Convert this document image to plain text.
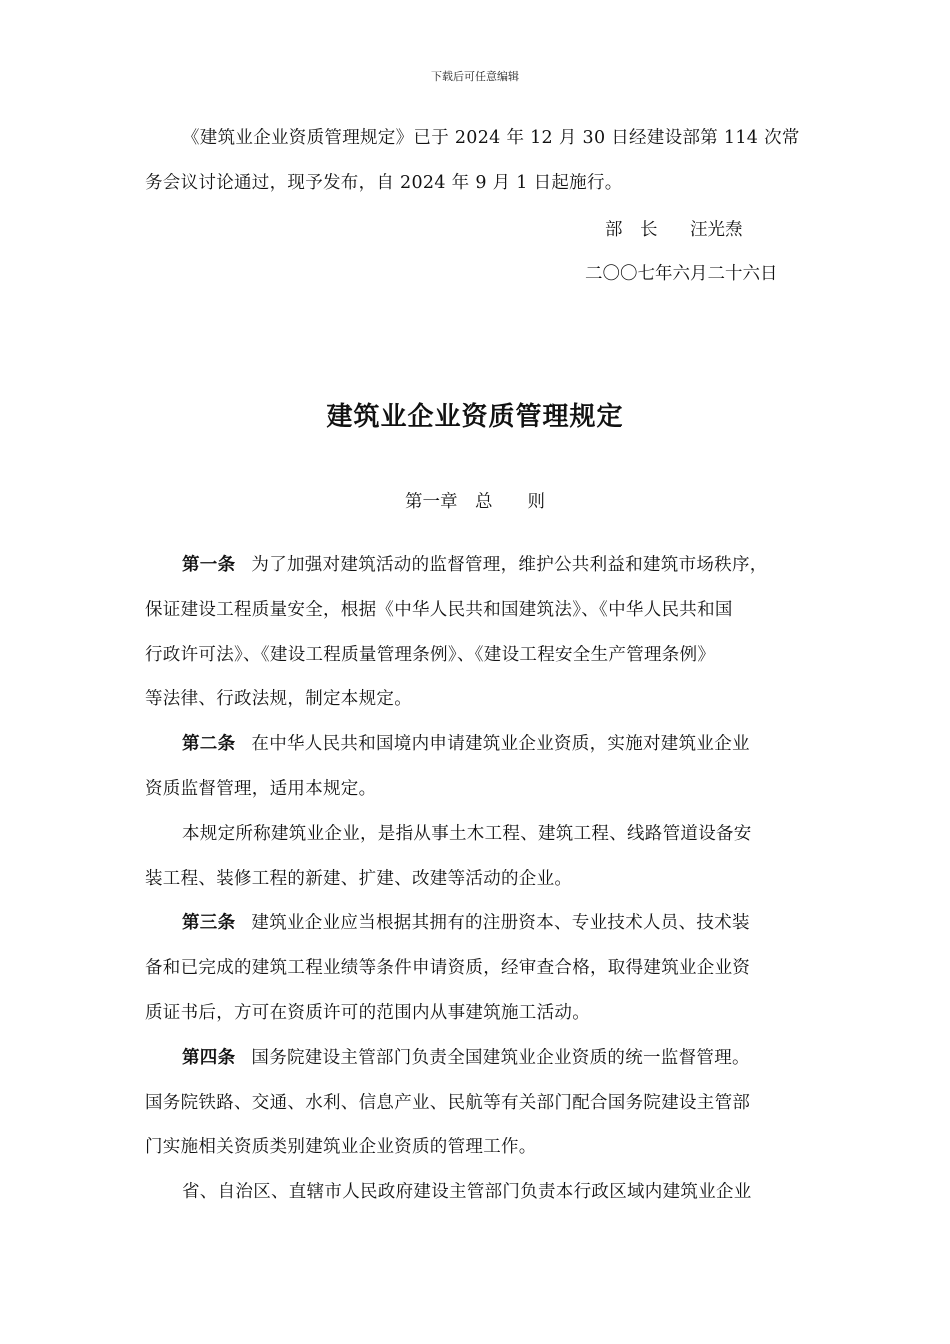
下载后可任意编辑
《建筑业企业资质管理规定》已于 2024 年 12 月 30 日经建设部第 114 次常
务会议讨论通过，现予发布，自 2024 年 9 月 1 日起施行。
部　长 汪光焘
二〇〇七年六月二十六日
建筑业企业资质管理规定
第一章　总　　则
第一条 为了加强对建筑活动的监督管理，维护公共利益和建筑市场秩序，
保证建设工程质量安全，根据《中华人民共和国建筑法》、《中华人民共和国
行政许可法》、《建设工程质量管理条例》、《建设工程安全生产管理条例》
等法律、行政法规，制定本规定。
第二条 在中华人民共和国境内申请建筑业企业资质，实施对建筑业企业
资质监督管理，适用本规定。
本规定所称建筑业企业，是指从事土木工程、建筑工程、线路管道设备安
装工程、装修工程的新建、扩建、改建等活动的企业。
第三条 建筑业企业应当根据其拥有的注册资本、专业技术人员、技术装
备和已完成的建筑工程业绩等条件申请资质，经审查合格，取得建筑业企业资
质证书后，方可在资质许可的范围内从事建筑施工活动。
第四条 国务院建设主管部门负责全国建筑业企业资质的统一监督管理。
国务院铁路、交通、水利、信息产业、民航等有关部门配合国务院建设主管部
门实施相关资质类别建筑业企业资质的管理工作。
省、自治区、直辖市人民政府建设主管部门负责本行政区域内建筑业企业
